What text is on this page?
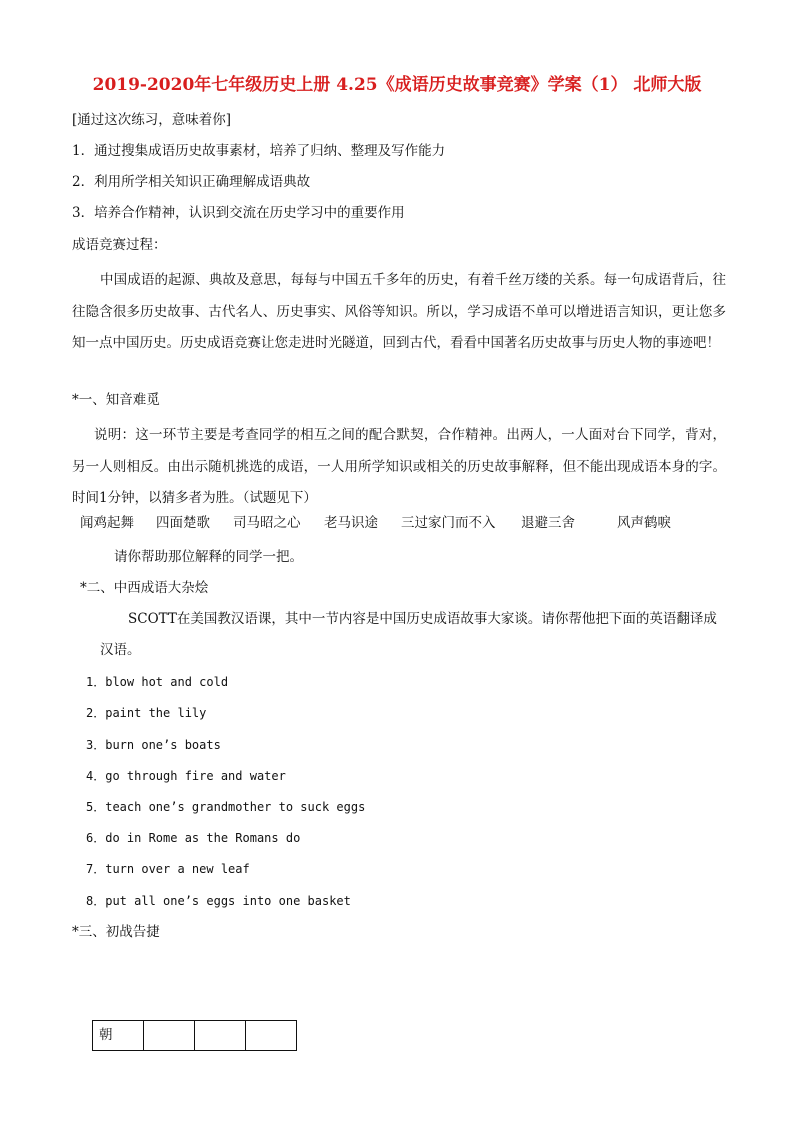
2019-2020年七年级历史上册 4.25《成语历史故事竞赛》学案（1） 北师大版
[通过这次练习，意味着你]
1．通过搜集成语历史故事素材，培养了归纳、整理及写作能力
2．利用所学相关知识正确理解成语典故
3．培养合作精神，认识到交流在历史学习中的重要作用
成语竞赛过程：
中国成语的起源、典故及意思，每每与中国五千多年的历史，有着千丝万缕的关系。每一句成语背后，往往隐含很多历史故事、古代名人、历史事实、风俗等知识。所以，学习成语不单可以增进语言知识，更让您多知一点中国历史。历史成语竞赛让您走进时光隧道，回到古代，看看中国著名历史故事与历史人物的事迹吧！
*一、知音难觅
说明：这一环节主要是考查同学的相互之间的配合默契，合作精神。出两人，一人面对台下同学，背对，另一人则相反。由出示随机挑选的成语，一人用所学知识或相关的历史故事解释，但不能出现成语本身的字。时间1分钟，以猜多者为胜。（试题见下）
闻鸡起舞	四面楚歌	司马昭之心	老马识途	三过家门而不入	退避三舍	风声鹤唳
请你帮助那位解释的同学一把。
*二、中西成语大杂烩
SCOTT在美国教汉语课，其中一节内容是中国历史成语故事大家谈。请你帮他把下面的英语翻译成
汉语。
1．blow hot and cold
2．paint the lily
3．burn one’s boats
4．go through fire and water
5．teach one’s grandmother to suck eggs
6．do in Rome as the Romans do
7．turn over a new leaf
8．put all one’s eggs into one basket
*三、初战告捷
朝			
